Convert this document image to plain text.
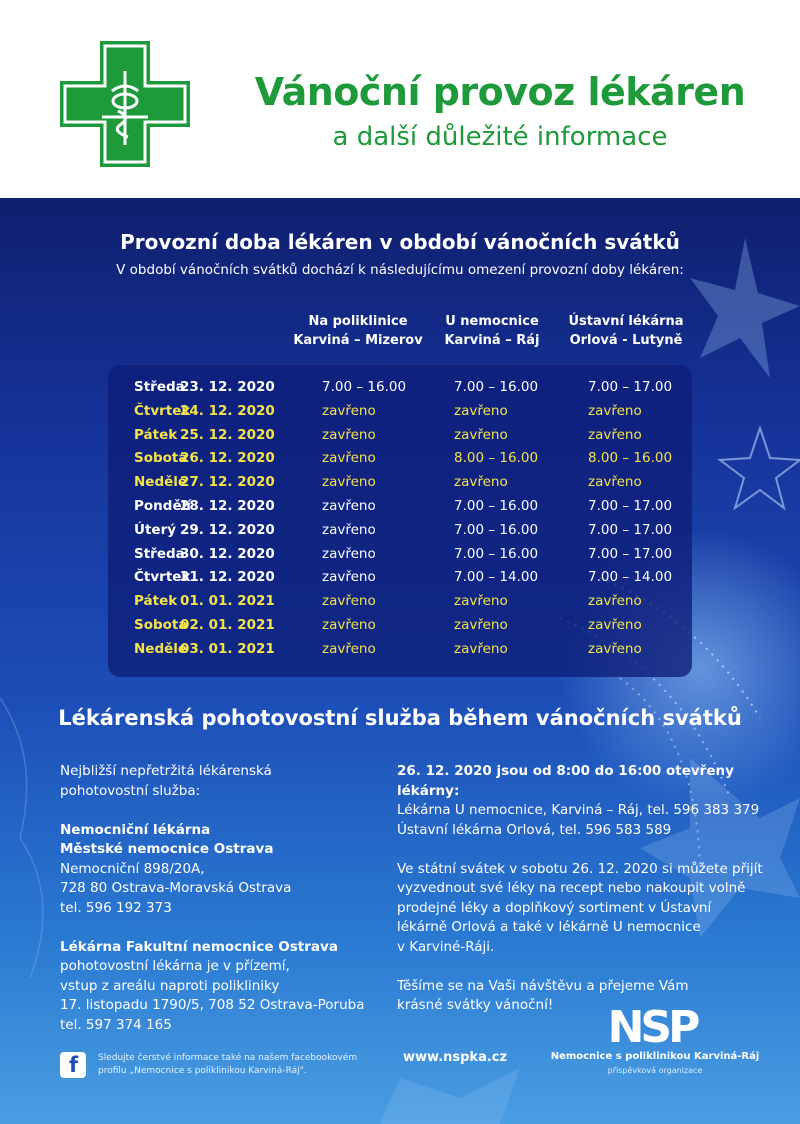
Vánoční provoz lékáren
a další důležité informace
Provozní doba lékáren v období vánočních svátků
V období vánočních svátků dochází k následujícímu omezení provozní doby lékáren:
Na poliklinice
Karviná – Mizerov
U nemocnice
Karviná – Ráj
Ústavní lékárna
Orlová - Lutyně
Středa
23. 12. 2020	7.00 – 16.00	7.00 – 16.00	7.00 – 17.00
Čtvrtek
24. 12. 2020	zavřeno	zavřeno	zavřeno
Pátek 25. 12. 2020	zavřeno	zavřeno	zavřeno
Sobota
26. 12. 2020	zavřeno	8.00 – 16.00	8.00 – 16.00
Neděle
27. 12. 2020	zavřeno	zavřeno	zavřeno
Pondělí
28. 12. 2020	zavřeno	7.00 – 16.00	7.00 – 17.00
Úterý 29. 12. 2020	zavřeno	7.00 – 16.00	7.00 – 17.00
Středa
30. 12. 2020	zavřeno	7.00 – 16.00	7.00 – 17.00
Čtvrtek
31. 12. 2020	zavřeno	7.00 – 14.00	7.00 – 14.00
Pátek 01. 01. 2021	zavřeno	zavřeno	zavřeno
Sobota
02. 01. 2021	zavřeno	zavřeno	zavřeno
Neděle
03. 01. 2021	zavřeno	zavřeno	zavřeno
Lékárenská pohotovostní služba během vánočních svátků

Nejbližší nepřetržitá lékárenská
pohotovostní služba:

Nemocniční lékárna
Městské nemocnice Ostrava

Nemocniční 898/20A,
728 80 Ostrava-Moravská Ostrava
tel. 596 192 373

Lékárna Fakultní nemocnice Ostrava

pohotovostní lékárna je v přízemí,
vstup z areálu naproti polikliniky
17. listopadu 1790/5, 708 52 Ostrava-Poruba
tel. 597 374 165

26. 12. 2020 jsou od 8:00 do 16:00 otevřeny lékárny:

Lékárna U nemocnice, Karviná – Ráj, tel. 596 383 379
Ústavní lékárna Orlová, tel. 596 583 589

Ve státní svátek v sobotu 26. 12. 2020 si můžete přijít
vyzvednout své léky na recept nebo nakoupit volně
prodejné léky a doplňkový sortiment v Ústavní
lékárně Orlová a také v lékárně U nemocnice
v Karviné-Ráji.

Těšíme se na Vaši návštěvu a přejeme Vám
krásné svátky vánoční!

f Sledujte čerstvé informace také na našem facebookovém
profilu „Nemocnice s poliklinikou Karviná-Ráj".

www.nspka.cz
NSP
Nemocnice s poliklinikou Karviná-Ráj
příspěvková organizace
